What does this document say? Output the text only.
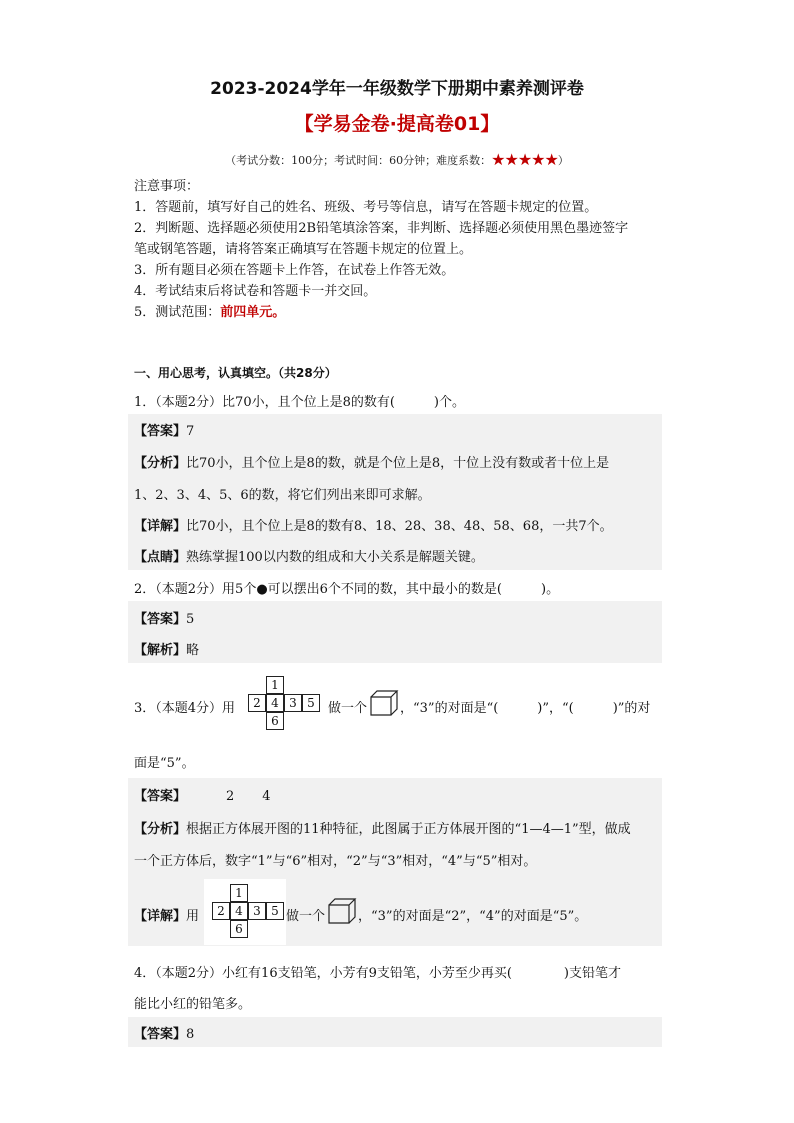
2023-2024学年一年级数学下册期中素养测评卷
【学易金卷·提高卷01】
（考试分数：100分；考试时间：60分钟；难度系数：★★★★★）
注意事项：
1．答题前，填写好自己的姓名、班级、考号等信息，请写在答题卡规定的位置。
2．判断题、选择题必须使用2B铅笔填涂答案，非判断、选择题必须使用黑色墨迹签字
笔或钢笔答题，请将答案正确填写在答题卡规定的位置上。
3．所有题目必须在答题卡上作答，在试卷上作答无效。
4．考试结束后将试卷和答题卡一并交回。
5．测试范围：前四单元。
一、用心思考，认真填空。（共28分）
1．（本题2分）比70小，且个位上是8的数有(　　　)个。
【答案】7
【分析】比70小，且个位上是8的数，就是个位上是8，十位上没有数或者十位上是
1、2、3、4、5、6的数，将它们列出来即可求解。
【详解】比70小，且个位上是8的数有8、18、28、38、48、58、68，一共7个。
【点睛】熟练掌握100以内数的组成和大小关系是解题关键。
2．（本题2分）用5个●可以摆出6个不同的数，其中最小的数是(　　　)。
【答案】5
【解析】略
3．（本题4分）用
1
2 4 3 5
6
做一个	，“3”的对面是“(　　　)”，“(　　　)”的对
面是“5”。
【答案】	2 4
【分析】根据正方体展开图的11种特征，此图属于正方体展开图的“1—4—1”型，做成
一个正方体后，数字“1”与“6”相对，“2”与“3”相对，“4”与“5”相对。
【详解】用
1
2 4 3 5
6
做一个	，“3”的对面是“2”，“4”的对面是“5”。
4．（本题2分）小红有16支铅笔，小芳有9支铅笔，小芳至少再买(　　　　)支铅笔才
能比小红的铅笔多。
【答案】8
